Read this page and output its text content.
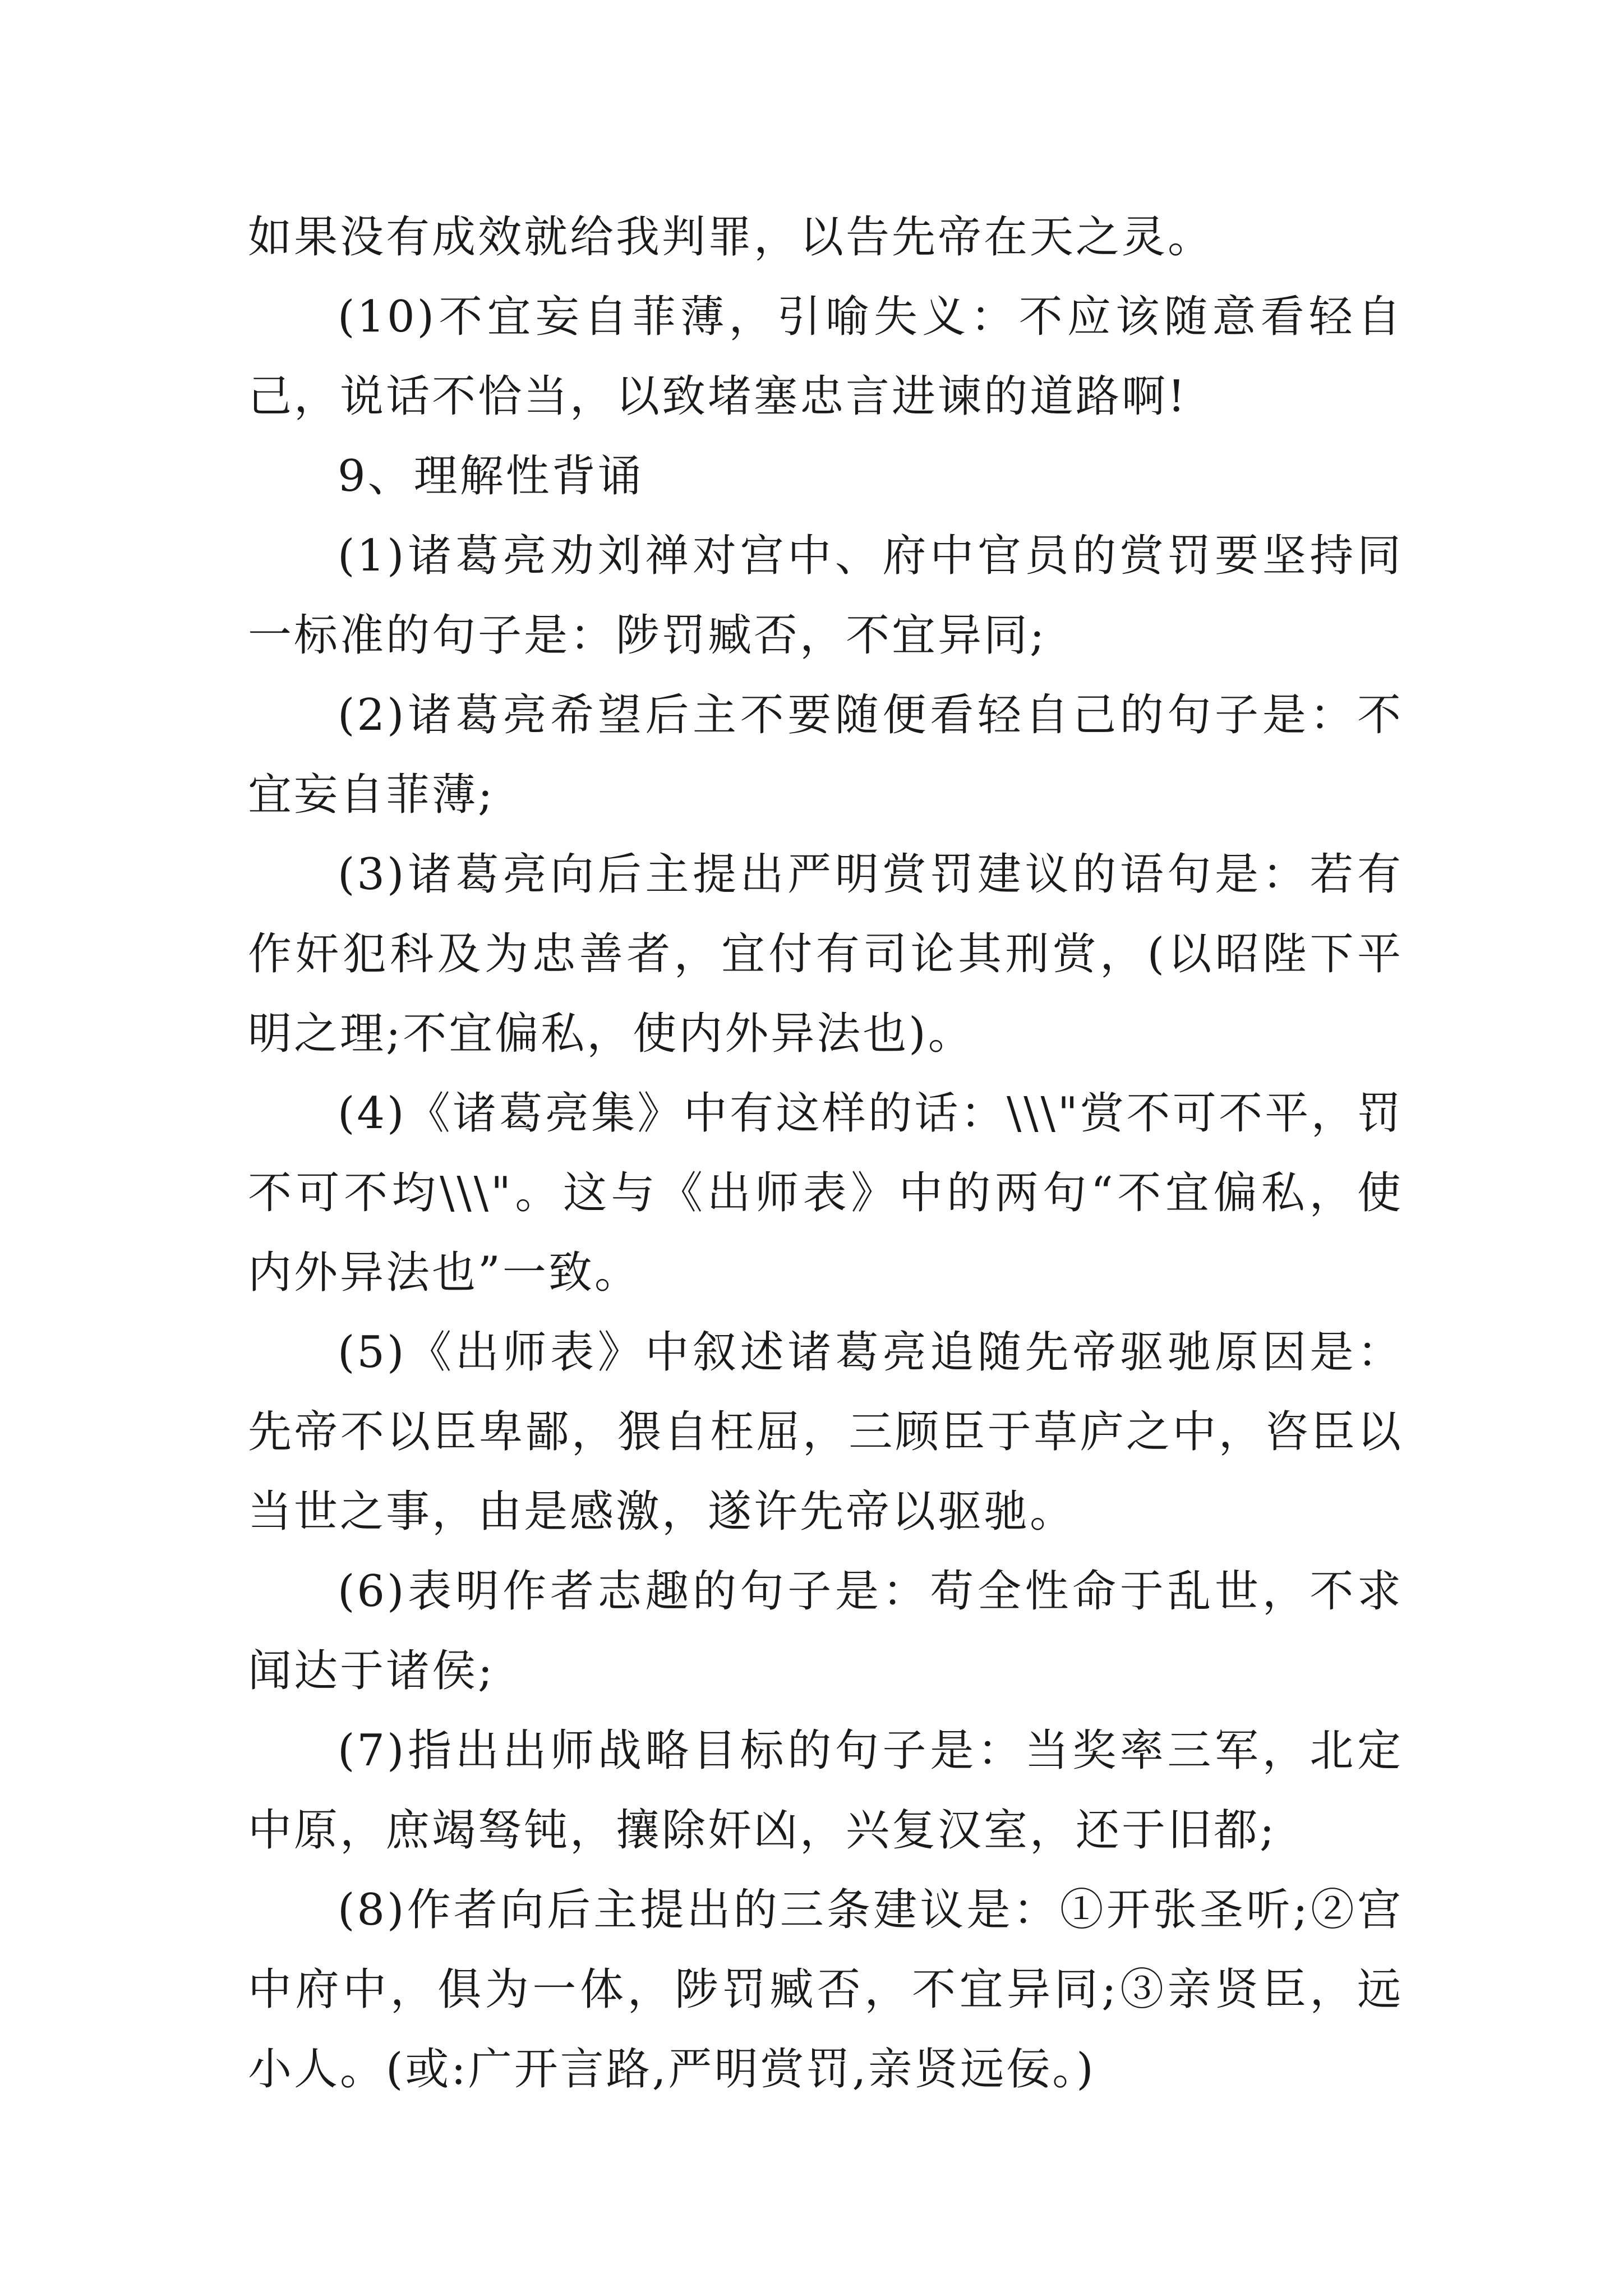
如果没有成效就给我判罪，以告先帝在天之灵。

(10)不宜妄自菲薄，引喻失义：不应该随意看轻自己，说话不恰当，以致堵塞忠言进谏的道路啊!

9、理解性背诵

(1)诸葛亮劝刘禅对宫中、府中官员的赏罚要坚持同一标准的句子是：陟罚臧否，不宜异同;

(2)诸葛亮希望后主不要随便看轻自己的句子是：不宜妄自菲薄;

(3)诸葛亮向后主提出严明赏罚建议的语句是：若有作奸犯科及为忠善者，宜付有司论其刑赏，(以昭陛下平明之理;不宜偏私，使内外异法也)。

(4)《诸葛亮集》中有这样的话：\\\"赏不可不平，罚不可不均\\\"。这与《出师表》中的两句“不宜偏私，使内外异法也”一致。

(5)《出师表》中叙述诸葛亮追随先帝驱驰原因是：先帝不以臣卑鄙，猥自枉屈，三顾臣于草庐之中，咨臣以当世之事，由是感激，遂许先帝以驱驰。

(6)表明作者志趣的句子是：苟全性命于乱世，不求闻达于诸侯;

(7)指出出师战略目标的句子是：当奖率三军，北定中原，庶竭驽钝，攘除奸凶，兴复汉室，还于旧都;

(8)作者向后主提出的三条建议是：①开张圣听;②宫中府中，俱为一体，陟罚臧否，不宜异同;③亲贤臣，远小人。(或:广开言路,严明赏罚,亲贤远佞。)
